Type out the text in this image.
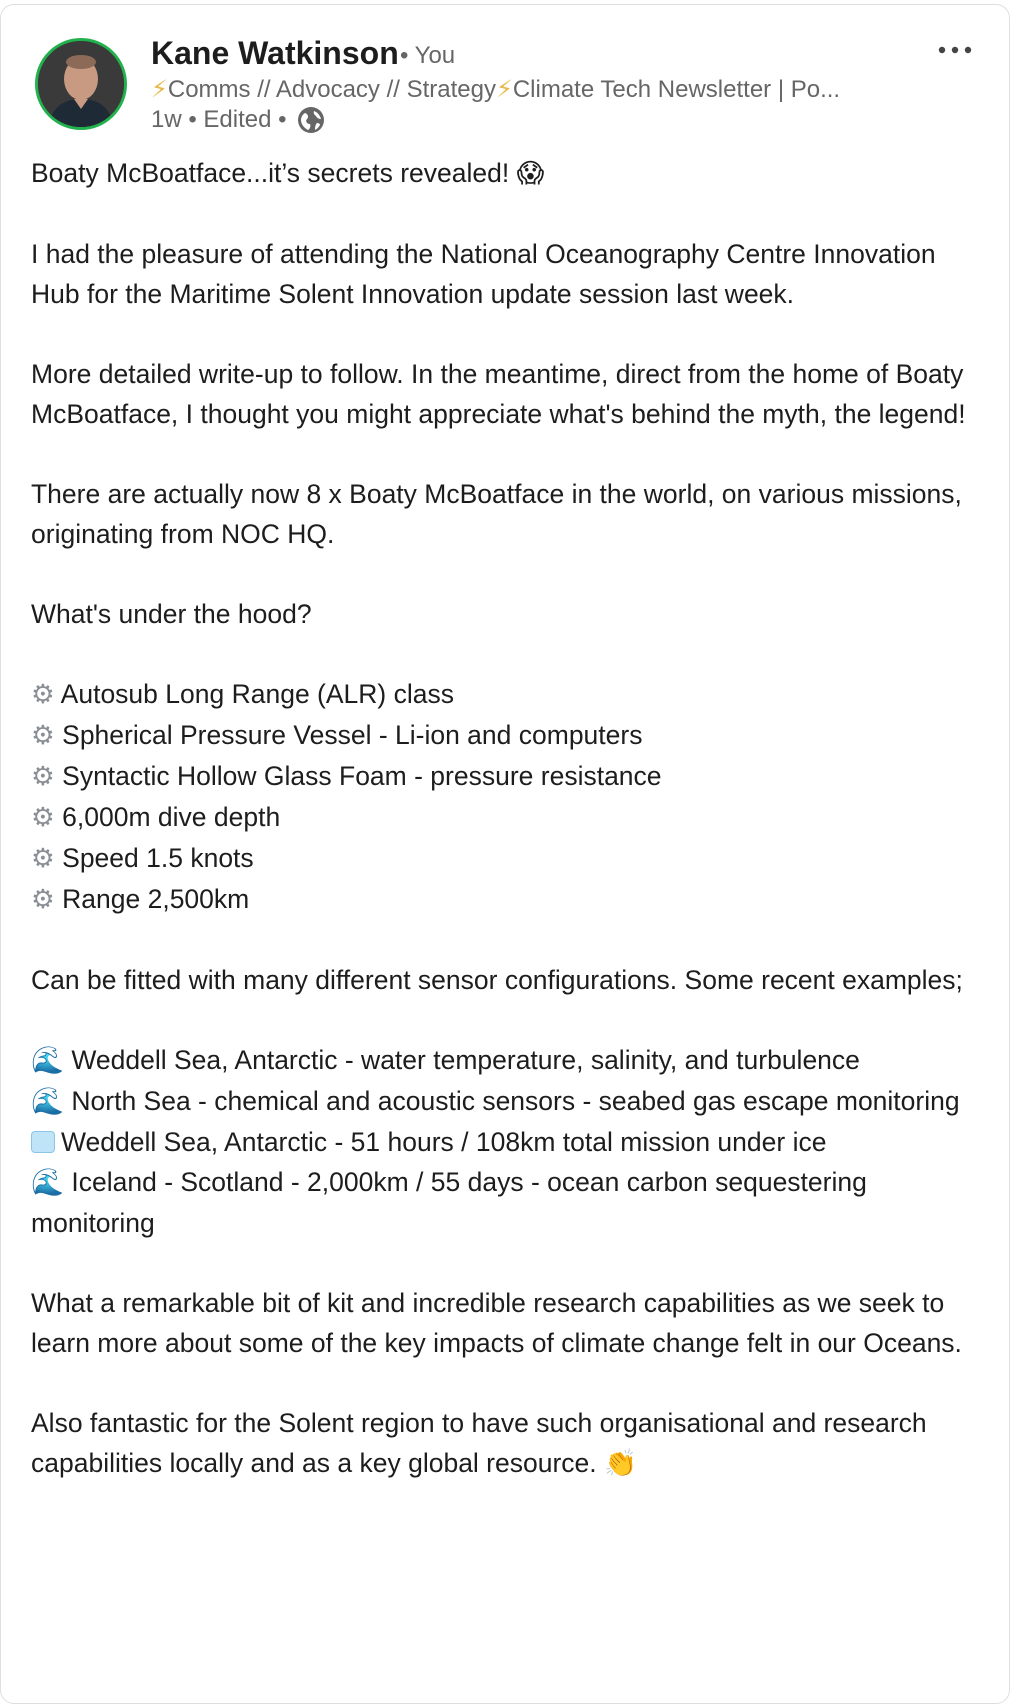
Kane Watkinson • You
⚡Comms // Advocacy // Strategy⚡Climate Tech Newsletter | Po...
1w • Edited •

Boaty McBoatface...it’s secrets revealed! 😱

I had the pleasure of attending the National Oceanography Centre Innovation Hub for the Maritime Solent Innovation update session last week.

More detailed write-up to follow. In the meantime, direct from the home of Boaty McBoatface, I thought you might appreciate what's behind the myth, the legend!

There are actually now 8 x Boaty McBoatface in the world, on various missions, originating from NOC HQ.

What's under the hood?

⚙ Autosub Long Range (ALR) class

⚙ Spherical Pressure Vessel - Li-ion and computers

⚙ Syntactic Hollow Glass Foam - pressure resistance

⚙ 6,000m dive depth

⚙ Speed 1.5 knots

⚙ Range 2,500km

Can be fitted with many different sensor configurations. Some recent examples;

🌊 Weddell Sea, Antarctic - water temperature, salinity, and turbulence

🌊 North Sea - chemical and acoustic sensors - seabed gas escape monitoring

Weddell Sea, Antarctic - 51 hours / 108km total mission under ice

🌊 Iceland - Scotland - 2,000km / 55 days - ocean carbon sequestering monitoring

What a remarkable bit of kit and incredible research capabilities as we seek to learn more about some of the key impacts of climate change felt in our Oceans.

Also fantastic for the Solent region to have such organisational and research capabilities locally and as a key global resource. 👏
